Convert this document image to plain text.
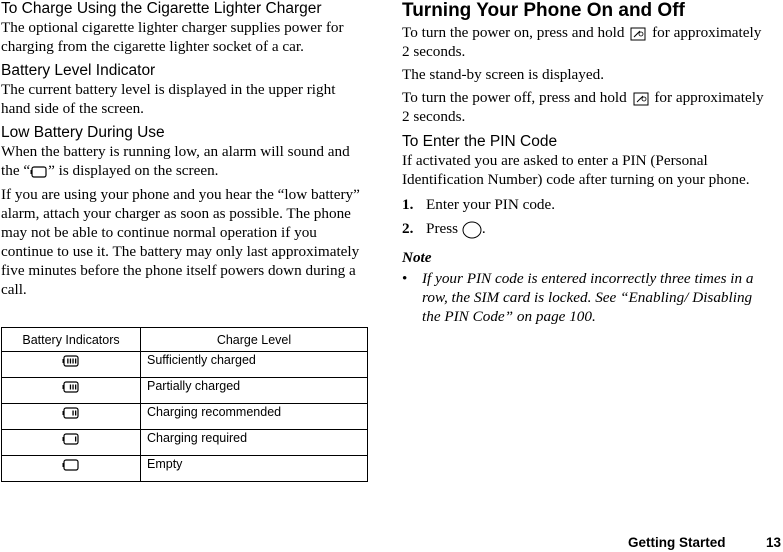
To Charge Using the Cigarette Lighter Charger

The optional cigarette lighter charger supplies power for charging from the cigarette lighter socket of a car.

Battery Level Indicator

The current battery level is displayed in the upper right hand side of the screen.

Low Battery During Use

When the battery is running low, an alarm will sound and the “ ” is displayed on the screen.

If you are using your phone and you hear the “low battery” alarm, attach your charger as soon as possible. The phone may not be able to continue normal operation if you continue to use it. The battery may only last approximately five minutes before the phone itself powers down during a call.

Battery Indicators	Charge Level
	Sufficiently charged
	Partially charged
	Charging recommended
	Charging required
	Empty
Turning Your Phone On and Off

To turn the power on, press and hold for approximately 2 seconds.

The stand-by screen is displayed.

To turn the power off, press and hold for approximately 2 seconds.

To Enter the PIN Code

If activated you are asked to enter a PIN (Personal Identification Number) code after turning on your phone.

1. Enter your PIN code.
2. Press .

Note

• If your PIN code is entered incorrectly three times in a row, the SIM card is locked. See “Enabling/ Disabling the PIN Code” on page 100.

Getting Started	13
